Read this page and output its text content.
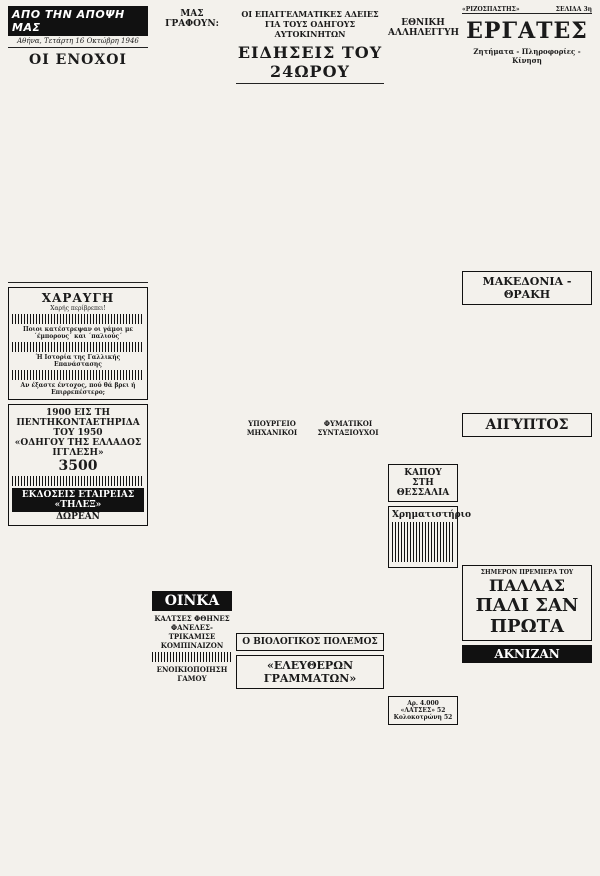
ΑΠΟ ΤΗΝ ΑΠΟΨΗ ΜΑΣ
Αθήνα, Τετάρτη 16 Οκτώβρη 1946
ΟΙ ΕΝΟΧΟΙ

ΧΑΡΑΥΓΗ
Χαρής περίβρεπει!
Ποιοι κατέστρεψαν οι γάμοι με ΄έμπορους΄ και ΄παλιούς΄
Ή Ιστορία της Γαλλικής Επανάστασης
Αν έξαστε έντοχος, πού θά βρει ή Επιρρεπέστερο;
1900 ΕΙΣ ΤΗ ΠΕΝΤΗΚΟΝΤΑΕΤΗΡΙΔΑ ΤΟΥ 1950
«ΟΔΗΓΟΥ ΤΗΣ ΕΛΛΑΔΟΣ ΙΓΓΛΕΣΗ»
3500
ΕΚΔΟΣΕΙΣ ΕΤΑΙΡΕΙΑΣ «ΤΗΛΕΞ»
ΔΩΡΕΑΝ
ΜΑΣ ΓΡΑΦΟΥΝ:

ΟΙΝΚΑ
ΚΑΛΤΣΕΣ ΦΘΗΝΕΣ ΦΑΝΕΛΕΣ-ΤΡΙΚΑΜΙΣΕ ΚΟΜΠΙΝΑΙΖΟΝ
ΕΝΟΙΚΙΟΠΟΙΗΣΗ ΓΑΜΟΥ
ΟΙ ΕΠΑΓΓΕΛΜΑΤΙΚΕΣ ΑΔΕΙΕΣ ΓΙΑ ΤΟΥΣ ΟΔΗΓΟΥΣ ΑΥΤΟΚΙΝΗΤΩΝ
ΕΙΔΗΣΕΙΣ ΤΟΥ 24ΩΡΟΥ

ΥΠΟΥΡΓΕΙΟ ΜΗΧΑΝΙΚΟΙ
ΦΥΜΑΤΙΚΟΙ ΣΥΝΤΑΞΙΟΥΧΟΙ

Ο ΒΙΟΛΟΓΙΚΟΣ ΠΟΛΕΜΟΣ
«ΕΛΕΥΘΕΡΩΝ ΓΡΑΜΜΑΤΩΝ»
ΕΘΝΙΚΗ ΑΛΛΗΛΕΓΓΥΗ

ΚΑΠΟΥ ΣΤΗ ΘΕΣΣΑΛΙΑ
Χρηματιστήριο

Αρ. 4.000 «ΛΑΤΣΕΣ» 52 Κολοκοτρώνη 52
«ΡΙΖΟΣΠΑΣΤΗΣ»	ΣΕΛΙΔΑ 3η
ΕΡΓΑΤΕΣ
Ζητήματα - Πληροφορίες - Κίνηση

ΜΑΚΕΔΟΝΙΑ - ΘΡΑΚΗ

ΑΙΓΥΠΤΟΣ

ΣΗΜΕΡΟΝ ΠΡΕΜΙΕΡΑ ΤΟΥ
ΠΑΛΛΑΣ
ΠΑΛΙ ΣΑΝ ΠΡΩΤΑ
ΑΚΝΙΖΑΝ
